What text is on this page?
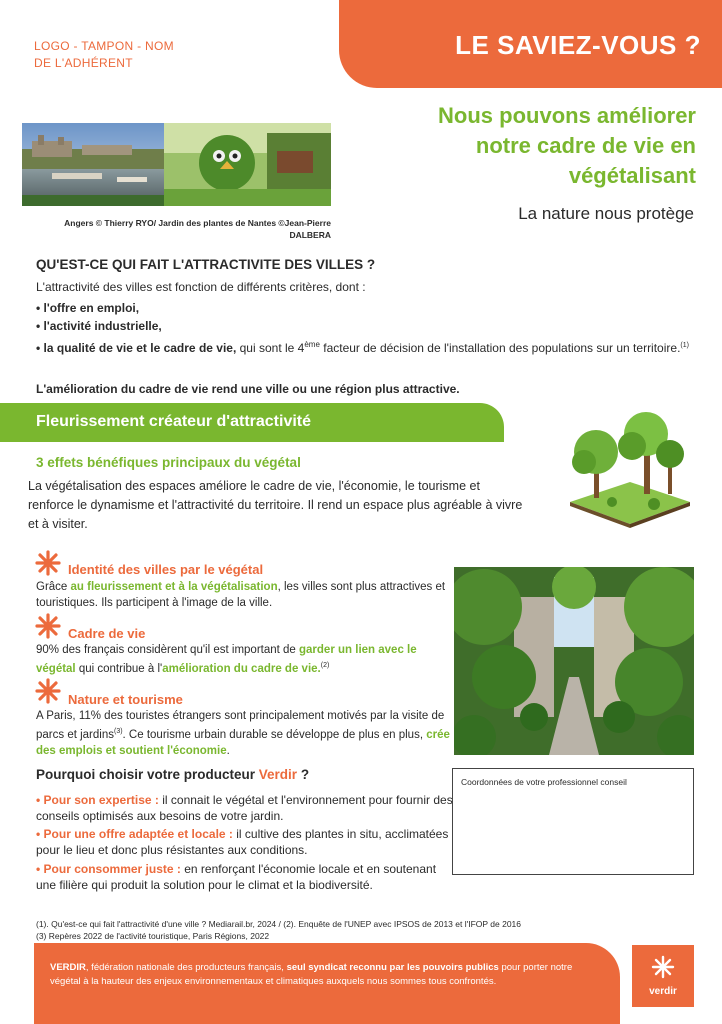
LOGO - TAMPON - NOM
DE L'ADHÉRENT
LE SAVIEZ-VOUS ?
Nous pouvons améliorer
notre cadre de vie en
végétalisant
La nature nous protège
Angers © Thierry RYO/ Jardin des plantes de Nantes ©Jean-Pierre
DALBERA
QU'EST-CE QUI FAIT L'ATTRACTIVITE DES VILLES ?
L'attractivité des villes est fonction de différents critères, dont :
• l'offre en emploi,
• l'activité industrielle,
• la qualité de vie et le cadre de vie, qui sont le 4ème facteur de décision de l'installation des populations sur un territoire.$^{(1)}$
L'amélioration du cadre de vie rend une ville ou une région plus attractive.
Fleurissement créateur d'attractivité
3 effets bénéfiques principaux du végétal
La végétalisation des espaces améliore le cadre de vie, l'économie, le tourisme et renforce le dynamisme et l'attractivité du territoire. Il rend un espace plus agréable à vivre et à visiter.
Identité des villes par le végétal
Grâce au fleurissement et à la végétalisation, les villes sont plus attractives et touristiques. Ils participent à l'image de la ville.
Cadre de vie
90% des français considèrent qu'il est important de garder un lien avec le végétal qui contribue à l'amélioration du cadre de vie.$^{(2)}$
Nature et tourisme
A Paris, 11% des touristes étrangers sont principalement motivés par la visite de parcs et jardins$^{(3)}$. Ce tourisme urbain durable se développe de plus en plus, crée des emplois et soutient l'économie.
Pourquoi choisir votre producteur Verdir ?
• Pour son expertise : il connait le végétal et l'environnement pour fournir des conseils optimisés aux besoins de votre jardin.
• Pour une offre adaptée et locale : il cultive des plantes in situ, acclimatées pour le lieu et donc plus résistantes aux conditions.
• Pour consommer juste : en renforçant l'économie locale et en soutenant une filière qui produit la solution pour le climat et la biodiversité.
Coordonnées de votre professionnel conseil
(1). Qu'est-ce qui fait l'attractivité d'une ville ? Mediarail.br, 2024 / (2). Enquête de l'UNEP avec IPSOS de 2013 et l'IFOP de 2016
(3) Repères 2022 de l'activité touristique, Paris Régions, 2022
VERDIR, fédération nationale des producteurs français, seul syndicat reconnu par les pouvoirs publics pour porter notre végétal à la hauteur des enjeux environnementaux et climatiques auxquels nous sommes tous confrontés.
verdir
